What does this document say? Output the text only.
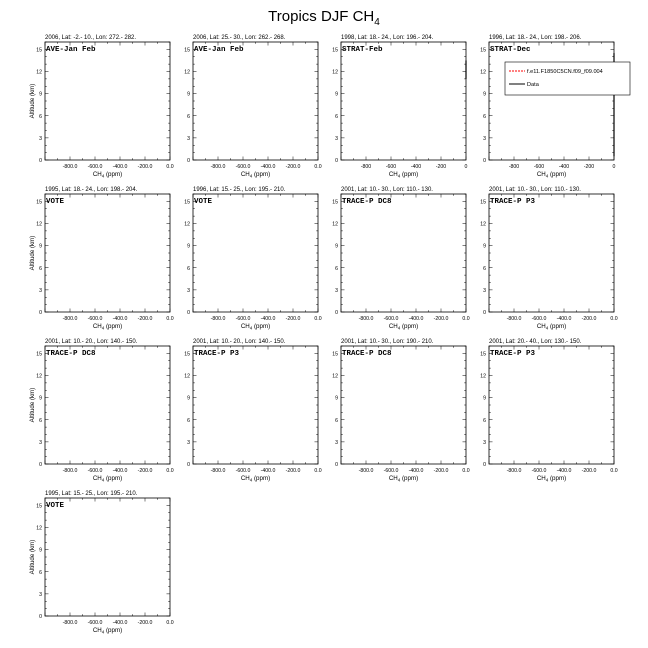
Tropics DJF $CH_4$
2006, Lat: -2.- 10., Lon: 272.- 282.
AVE-Jan Feb
0
3
6
9
12
15
-800.0 -600.0 -400.0 -200.0	0.0
$CH_4$ (ppm)
Altitude (km)
2006, Lat: 25.- 30., Lon: 262.- 268.
AVE-Jan Feb
0
3
6
9
12
15
-800.0 -600.0 -400.0 -200.0	0.0
$CH_4$ (ppm)
1998, Lat: 18.- 24., Lon: 196.- 204.
STRAT-Feb
0
3
6
9
12
15
-800	-600	-400	-200	0
$CH_4$ (ppm)
1996, Lat: 18.- 24., Lon: 198.- 206.
STRAT-Dec
0
3
6
9
12
15
-800	-600	-400	-200	0
$CH_4$ (ppm)
f.e11.F1850C5CN.f09_f09.004
Data
1995, Lat: 18.- 24., Lon: 198.- 204.
VOTE
0
3
6
9
12
15
-800.0 -600.0 -400.0 -200.0	0.0
$CH_4$ (ppm)
Altitude (km)
1996, Lat: 15.- 25., Lon: 195.- 210.
VOTE
0
3
6
9
12
15
-800.0 -600.0 -400.0 -200.0	0.0
$CH_4$ (ppm)
2001, Lat: 10.- 30., Lon: 110.- 130.
TRACE-P DC8
0
3
6
9
12
15
-800.0 -600.0 -400.0 -200.0	0.0
$CH_4$ (ppm)
2001, Lat: 10.- 30., Lon: 110.- 130.
TRACE-P P3
0
3
6
9
12
15
-800.0 -600.0 -400.0 -200.0	0.0
$CH_4$ (ppm)
2001, Lat: 10.- 20., Lon: 140.- 150.
TRACE-P DC8
0
3
6
9
12
15
-800.0 -600.0 -400.0 -200.0	0.0
$CH_4$ (ppm)
Altitude (km)
2001, Lat: 10.- 20., Lon: 140.- 150.
TRACE-P P3
0
3
6
9
12
15
-800.0 -600.0 -400.0 -200.0	0.0
$CH_4$ (ppm)
2001, Lat: 10.- 30., Lon: 190.- 210.
TRACE-P DC8
0
3
6
9
12
15
-800.0 -600.0 -400.0 -200.0	0.0
$CH_4$ (ppm)
2001, Lat: 20.- 40., Lon: 130.- 150.
TRACE-P P3
0
3
6
9
12
15
-800.0 -600.0 -400.0 -200.0	0.0
$CH_4$ (ppm)
1995, Lat: 15.- 25., Lon: 195.- 210.
VOTE
0
3
6
9
12
15
-800.0 -600.0 -400.0 -200.0	0.0
$CH_4$ (ppm)
Altitude (km)
